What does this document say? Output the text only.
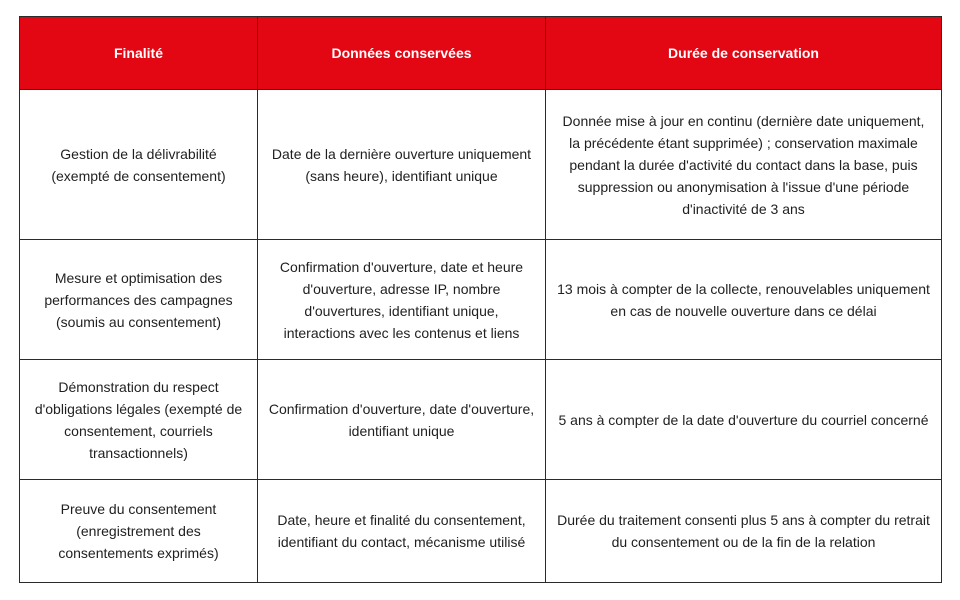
Finalité	Données conservées	Durée de conservation
Gestion de la délivrabilité (exempté de consentement)	Date de la dernière ouverture uniquement (sans heure), identifiant unique	Donnée mise à jour en continu (dernière date uniquement, la précédente étant supprimée) ; conservation maximale pendant la durée d'activité du contact dans la base, puis suppression ou anonymisation à l'issue d'une période d'inactivité de 3 ans
Mesure et optimisation des performances des campagnes (soumis au consentement)	Confirmation d'ouverture, date et heure d'ouverture, adresse IP, nombre d'ouvertures, identifiant unique, interactions avec les contenus et liens	13 mois à compter de la collecte, renouvelables uniquement en cas de nouvelle ouverture dans ce délai
Démonstration du respect d'obligations légales (exempté de consentement, courriels transactionnels)	Confirmation d'ouverture, date d'ouverture, identifiant unique	5 ans à compter de la date d'ouverture du courriel concerné
Preuve du consentement (enregistrement des consentements exprimés)	Date, heure et finalité du consentement, identifiant du contact, mécanisme utilisé	Durée du traitement consenti plus 5 ans à compter du retrait du consentement ou de la fin de la relation
